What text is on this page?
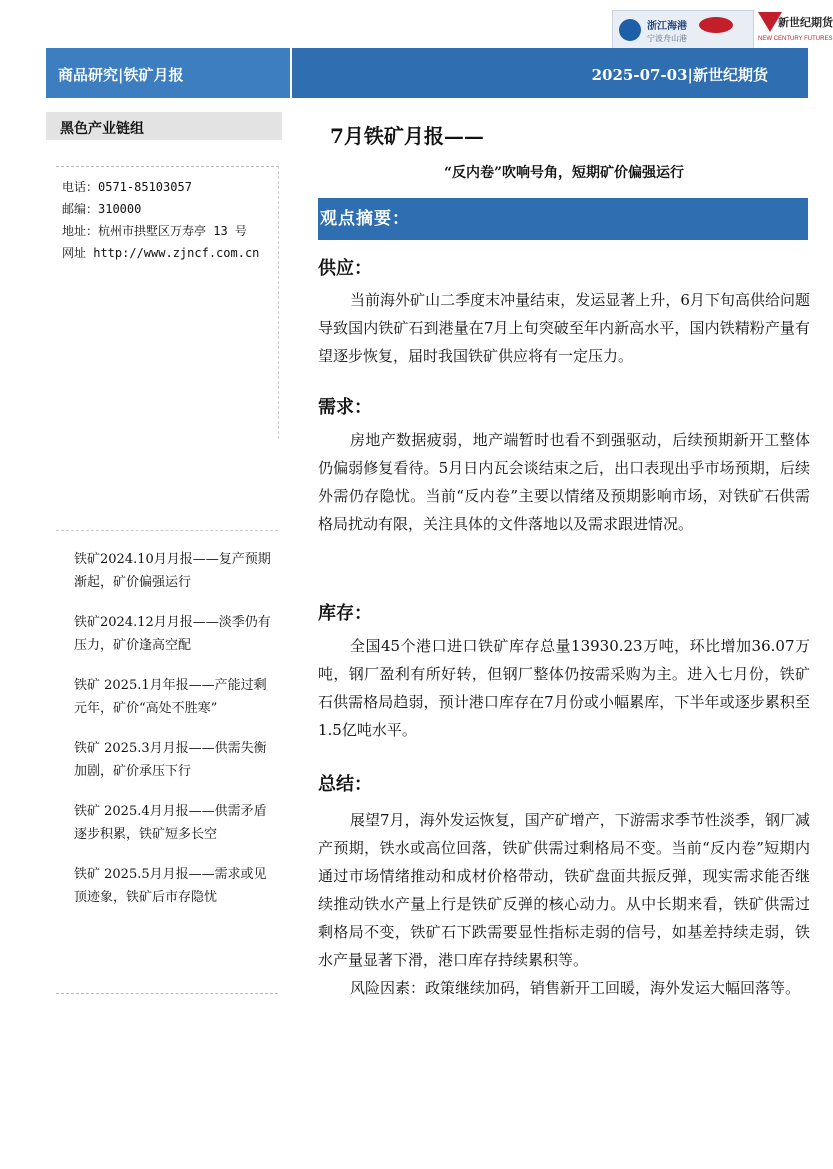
浙江海港
宁波舟山港
新世纪期货
NEW CENTURY FUTURES
商品研究|铁矿月报	2025-07-03|新世纪期货
黑色产业链组
电话：0571-85103057
邮编：310000
地址：杭州市拱墅区万寿亭 13 号
网址 http://www.zjncf.com.cn
铁矿2024.10月月报——复产预期渐起，矿价偏强运行
铁矿2024.12月月报——淡季仍有压力，矿价逢高空配
铁矿 2025.1月年报——产能过剩元年，矿价“高处不胜寒”
铁矿 2025.3月月报——供需失衡加剧，矿价承压下行
铁矿 2025.4月月报——供需矛盾逐步积累，铁矿短多长空
铁矿 2025.5月月报——需求或见顶迹象，铁矿后市存隐忧
7月铁矿月报——
“反内卷”吹响号角，短期矿价偏强运行
观点摘要：
供应：

当前海外矿山二季度末冲量结束，发运显著上升，6月下旬高供给问题导致国内铁矿石到港量在7月上旬突破至年内新高水平，国内铁精粉产量有望逐步恢复，届时我国铁矿供应将有一定压力。

需求：

房地产数据疲弱，地产端暂时也看不到强驱动，后续预期新开工整体仍偏弱修复看待。5月日内瓦会谈结束之后，出口表现出乎市场预期，后续外需仍存隐忧。当前“反内卷”主要以情绪及预期影响市场，对铁矿石供需格局扰动有限，关注具体的文件落地以及需求跟进情况。

库存：

全国45个港口进口铁矿库存总量13930.23万吨，环比增加36.07万吨，钢厂盈利有所好转，但钢厂整体仍按需采购为主。进入七月份，铁矿石供需格局趋弱，预计港口库存在7月份或小幅累库，下半年或逐步累积至1.5亿吨水平。

总结：

展望7月，海外发运恢复，国产矿增产，下游需求季节性淡季，钢厂减产预期，铁水或高位回落，铁矿供需过剩格局不变。当前“反内卷”短期内通过市场情绪推动和成材价格带动，铁矿盘面共振反弹，现实需求能否继续推动铁水产量上行是铁矿反弹的核心动力。从中长期来看，铁矿供需过剩格局不变，铁矿石下跌需要显性指标走弱的信号，如基差持续走弱，铁水产量显著下滑，港口库存持续累积等。

风险因素：政策继续加码，销售新开工回暖，海外发运大幅回落等。
